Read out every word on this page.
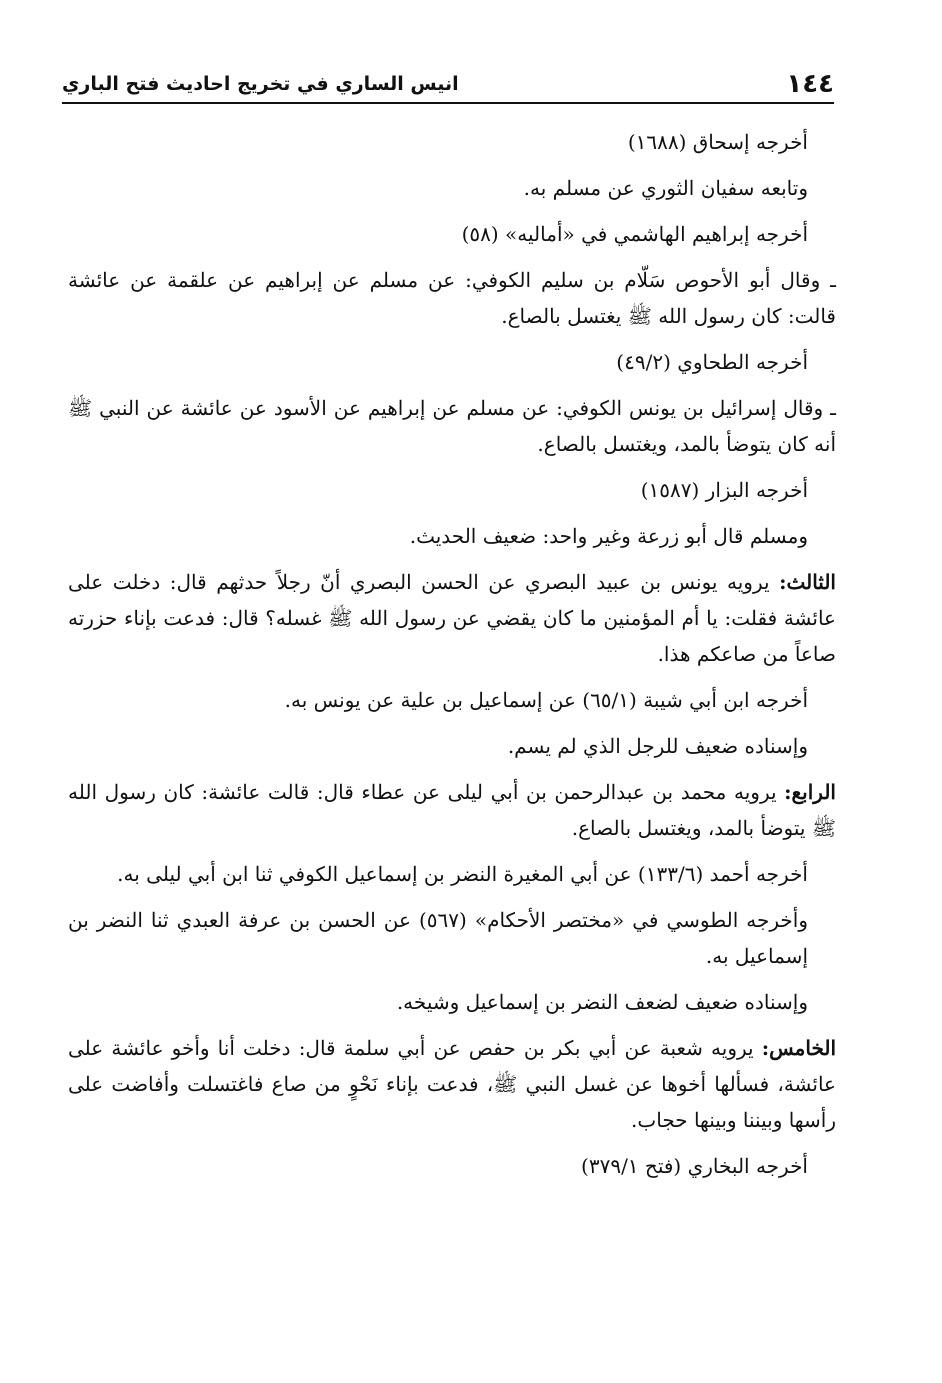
١٤٤
انيس الساري في تخريج احاديث فتح الباري

أخرجه إسحاق (١٦٨٨)

وتابعه سفيان الثوري عن مسلم به.

أخرجه إبراهيم الهاشمي في «أماليه» (٥٨)

ـ وقال أبو الأحوص سَلّام بن سليم الكوفي: عن مسلم عن إبراهيم عن علقمة عن عائشة قالت: كان رسول الله ﷺ يغتسل بالصاع.

أخرجه الطحاوي (٤٩/٢)

ـ وقال إسرائيل بن يونس الكوفي: عن مسلم عن إبراهيم عن الأسود عن عائشة عن النبي ﷺ أنه كان يتوضأ بالمد، ويغتسل بالصاع.

أخرجه البزار (١٥٨٧)

ومسلم قال أبو زرعة وغير واحد: ضعيف الحديث.

الثالث: يرويه يونس بن عبيد البصري عن الحسن البصري أنّ رجلاً حدثهم قال: دخلت على عائشة فقلت: يا أم المؤمنين ما كان يقضي عن رسول الله ﷺ غسله؟ قال: فدعت بإناء حزرته صاعاً من صاعكم هذا.

أخرجه ابن أبي شيبة (٦٥/١) عن إسماعيل بن علية عن يونس به.

وإسناده ضعيف للرجل الذي لم يسم.

الرابع: يرويه محمد بن عبدالرحمن بن أبي ليلى عن عطاء قال: قالت عائشة: كان رسول الله ﷺ يتوضأ بالمد، ويغتسل بالصاع.

أخرجه أحمد (١٣٣/٦) عن أبي المغيرة النضر بن إسماعيل الكوفي ثنا ابن أبي ليلى به.

وأخرجه الطوسي في «مختصر الأحكام» (٥٦٧) عن الحسن بن عرفة العبدي ثنا النضر بن إسماعيل به.

وإسناده ضعيف لضعف النضر بن إسماعيل وشيخه.

الخامس: يرويه شعبة عن أبي بكر بن حفص عن أبي سلمة قال: دخلت أنا وأخو عائشة على عائشة، فسألها أخوها عن غسل النبي ﷺ، فدعت بإناء نَحْوٍ من صاع فاغتسلت وأفاضت على رأسها وبيننا وبينها حجاب.

أخرجه البخاري (فتح ٣٧٩/١)
